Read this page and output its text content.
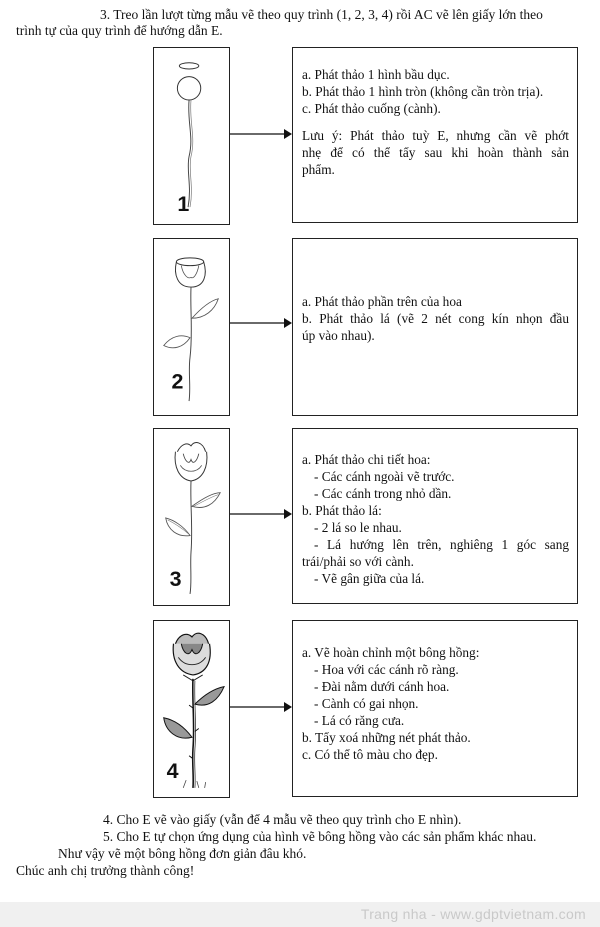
3. Treo lần lượt từng mẫu vẽ theo quy trình (1, 2, 3, 4) rồi AC vẽ lên giấy lớn theo
trình tự của quy trình để hướng dẫn E.
1
a. Phát thảo 1 hình bầu dục.
b. Phát thảo 1 hình tròn (không cần tròn trịa).
c. Phát thảo cuống (cành).
Lưu ý: Phát thảo tuỳ E, nhưng cần vẽ phớt
nhẹ để có thể tẩy sau khi hoàn thành sản
phẩm.
2
a. Phát thảo phần trên của hoa
b. Phát thảo lá (vẽ 2 nét cong kín nhọn đầu
úp vào nhau).
3
a. Phát thảo chi tiết hoa:
- Các cánh ngoài vẽ trước.
- Các cánh trong nhỏ dần.
b. Phát thảo lá:
- 2 lá so le nhau.
- Lá hướng lên trên, nghiêng 1 góc sang
trái/phải so với cành.
- Vẽ gân giữa của lá.
4
a. Vẽ hoàn chỉnh một bông hồng:
- Hoa với các cánh rõ ràng.
- Đài nằm dưới cánh hoa.
- Cành có gai nhọn.
- Lá có răng cưa.
b. Tẩy xoá những nét phát thảo.
c. Có thể tô màu cho đẹp.
4. Cho E vẽ vào giấy (vẫn để 4 mẫu vẽ theo quy trình cho E nhìn).
5. Cho E tự chọn ứng dụng của hình vẽ bông hồng vào các sản phẩm khác nhau.
Như vậy vẽ một bông hồng đơn giản đâu khó.
Chúc anh chị trưởng thành công!
Trang nha - www.gdptvietnam.com
